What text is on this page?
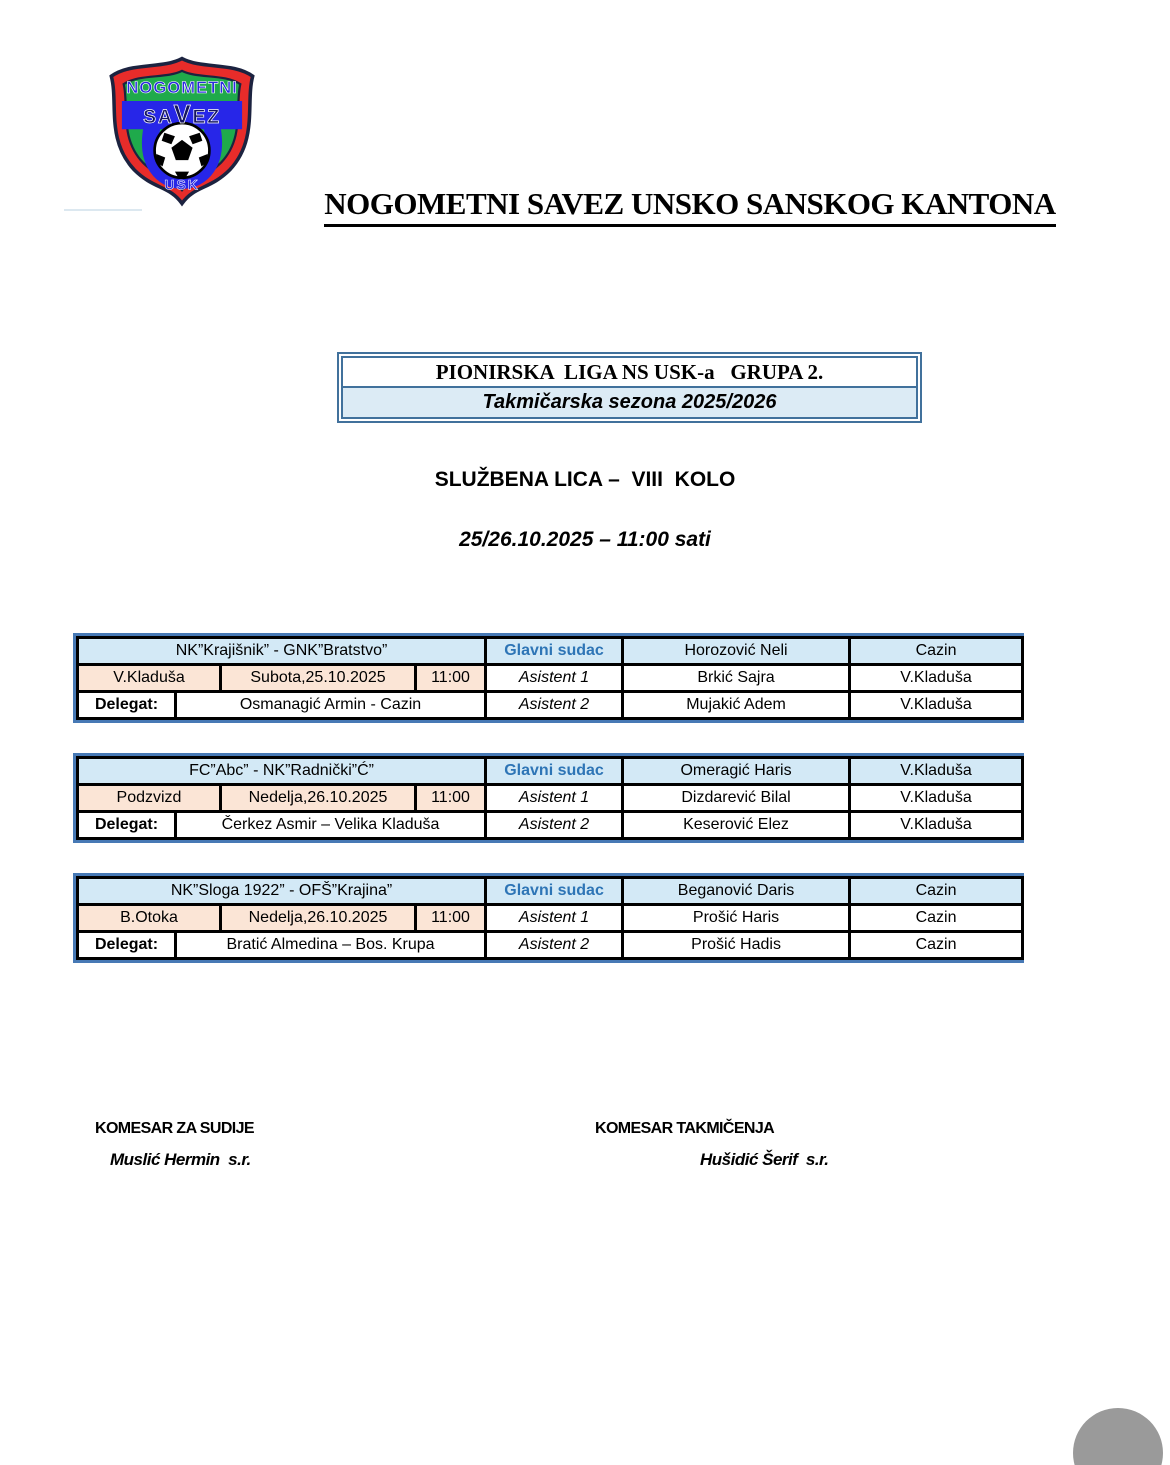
NOGOMETNI
SAVEZ
USK
NOGOMETNI SAVEZ UNSKO SANSKOG KANTONA
PIONIRSKA  LIGA NS USK-a   GRUPA 2.
Takmičarska sezona 2025/2026
SLUŽBENA LICA –  VIII  KOLO
25/26.10.2025 – 11:00 sati
NK”Krajišnik” - GNK”Bratstvo”				Glavni sudac	Horozović Neli	Cazin
V.Kladuša		Subota,25.10.2025	11:00	Asistent 1	Brkić Sajra	V.Kladuša
Delegat:	Osmanagić Armin - Cazin			Asistent 2	Mujakić Adem	V.Kladuša
FC”Abc” - NK”Radnički”Ć”				Glavni sudac	Omeragić Haris	V.Kladuša
Podzvizd		Nedelja,26.10.2025	11:00	Asistent 1	Dizdarević Bilal	V.Kladuša
Delegat:	Čerkez Asmir – Velika Kladuša			Asistent 2	Keserović Elez	V.Kladuša
NK”Sloga 1922” - OFŠ”Krajina”				Glavni sudac	Beganović Daris	Cazin
B.Otoka		Nedelja,26.10.2025	11:00	Asistent 1	Prošić Haris	Cazin
Delegat:	Bratić Almedina – Bos. Krupa			Asistent 2	Prošić Hadis	Cazin
KOMESAR ZA SUDIJE
Muslić Hermin  s.r.
KOMESAR TAKMIČENJA
Hušidić Šerif  s.r.
